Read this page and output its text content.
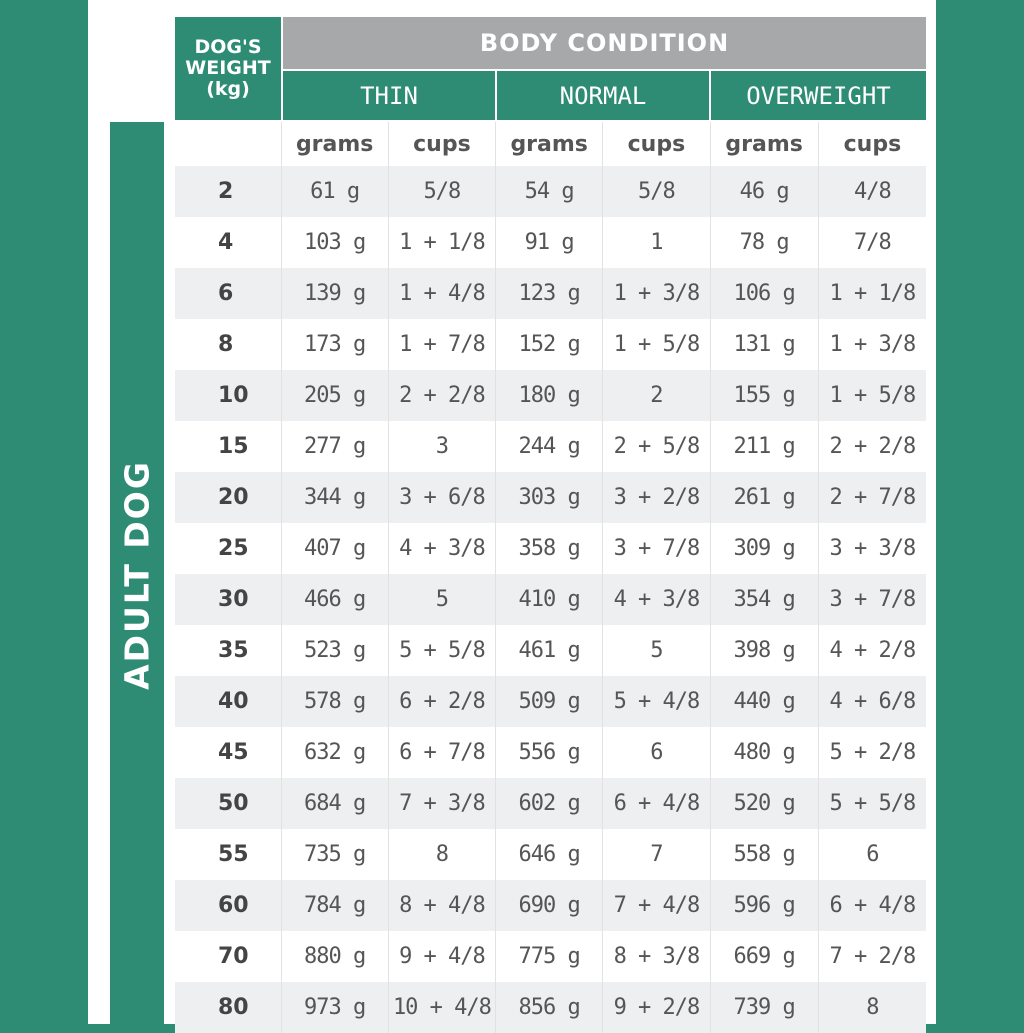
ADULT DOG
DOG'S
WEIGHT
(kg)
BODY CONDITION
THIN	NORMAL	OVERWEIGHT
grams	cups	grams	cups	grams	cups
2	61 g	5/8	54 g	5/8	46 g	4/8
4	103 g	1 + 1/8	91 g	1	78 g	7/8
6	139 g	1 + 4/8	123 g	1 + 3/8	106 g	1 + 1/8
8	173 g	1 + 7/8	152 g	1 + 5/8	131 g	1 + 3/8
10	205 g	2 + 2/8	180 g	2	155 g	1 + 5/8
15	277 g	3	244 g	2 + 5/8	211 g	2 + 2/8
20	344 g	3 + 6/8	303 g	3 + 2/8	261 g	2 + 7/8
25	407 g	4 + 3/8	358 g	3 + 7/8	309 g	3 + 3/8
30	466 g	5	410 g	4 + 3/8	354 g	3 + 7/8
35	523 g	5 + 5/8	461 g	5	398 g	4 + 2/8
40	578 g	6 + 2/8	509 g	5 + 4/8	440 g	4 + 6/8
45	632 g	6 + 7/8	556 g	6	480 g	5 + 2/8
50	684 g	7 + 3/8	602 g	6 + 4/8	520 g	5 + 5/8
55	735 g	8	646 g	7	558 g	6
60	784 g	8 + 4/8	690 g	7 + 4/8	596 g	6 + 4/8
70	880 g	9 + 4/8	775 g	8 + 3/8	669 g	7 + 2/8
80	973 g	10 + 4/8	856 g	9 + 2/8	739 g	8
